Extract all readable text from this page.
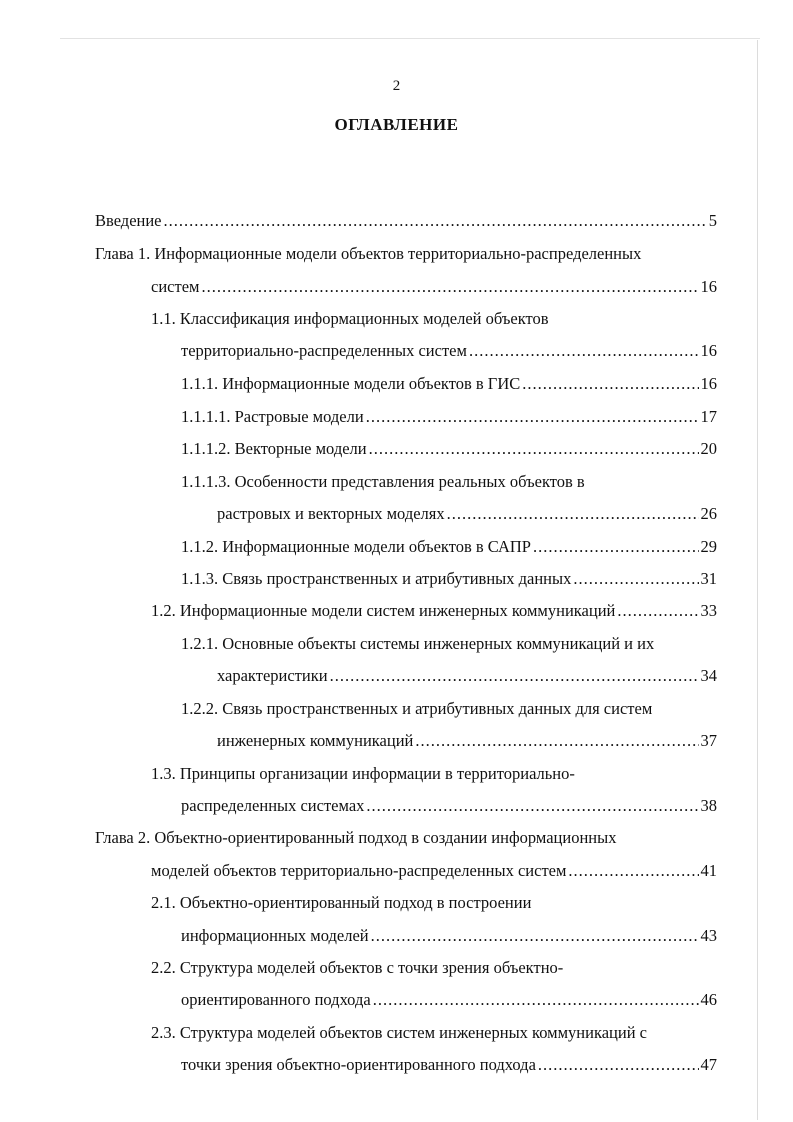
2
ОГЛАВЛЕНИЕ
Введение .....	5
Глава 1. Информационные модели объектов территориально-распределенных
систем .....	16
1.1. Классификация информационных моделей объектов
территориально-распределенных систем .....	16
1.1.1. Информационные модели объектов в ГИС .....	16
1.1.1.1. Растровые модели .....	17
1.1.1.2. Векторные модели .....	20
1.1.1.3. Особенности представления реальных объектов в
растровых и векторных моделях .....	26
1.1.2. Информационные модели объектов в САПР .....	29
1.1.3. Связь пространственных и атрибутивных данных .....	31
1.2. Информационные модели систем инженерных коммуникаций .....	33
1.2.1. Основные объекты системы инженерных коммуникаций и их
характеристики .....	34
1.2.2. Связь пространственных и атрибутивных данных для систем
инженерных коммуникаций .....	37
1.3. Принципы организации информации в территориально-
распределенных системах .....	38
Глава 2. Объектно-ориентированный подход в создании информационных
моделей объектов территориально-распределенных систем .....	41
2.1. Объектно-ориентированный подход в построении
информационных моделей .....	43
2.2. Структура моделей объектов с точки зрения объектно-
ориентированного подхода .....	46
2.3. Структура моделей объектов систем инженерных коммуникаций с
точки зрения объектно-ориентированного подхода .....	47
